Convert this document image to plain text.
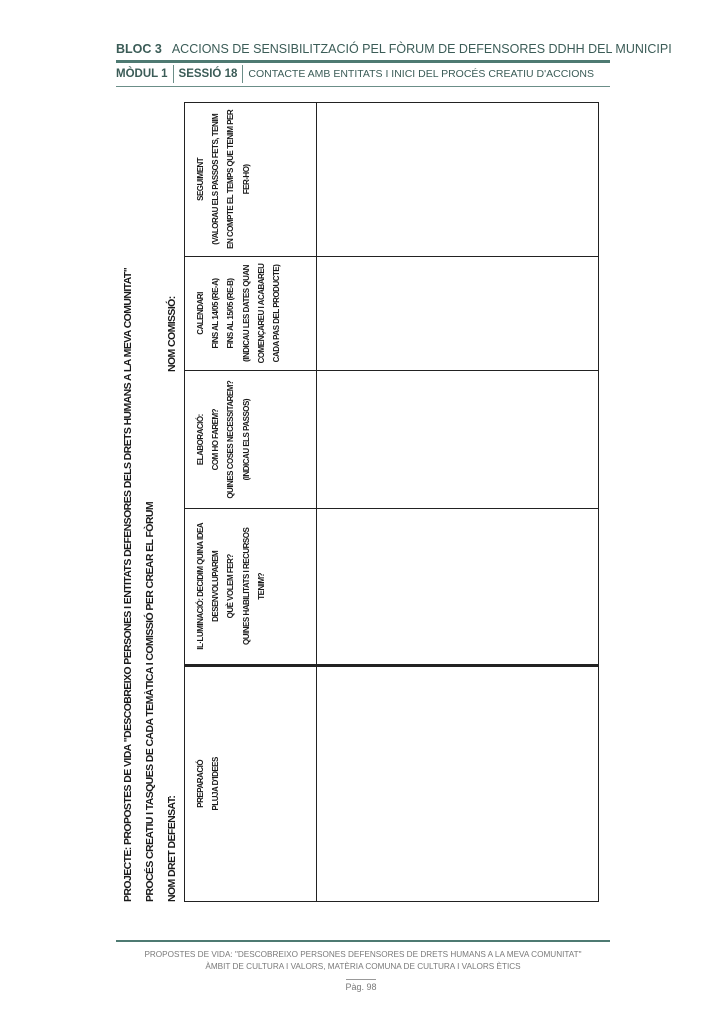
BLOC 3 ACCIONS DE SENSIBILITZACIÓ PEL FÒRUM DE DEFENSORES DDHH DEL MUNICIPI
MÒDUL 1 SESSIÓ 18 CONTACTE AMB ENTITATS I INICI DEL PROCÉS CREATIU D'ACCIONS
PROJECTE: PROPOSTES DE VIDA "DESCOBREIXO PERSONES I ENTITATS DEFENSORES DELS DRETS HUMANS A LA MEVA COMUNITAT" PROCÉS CREATIU I TASQUES DE CADA TEMÀTICA I COMISSIÓ PER CREAR EL FÒRUM NOM DRET DEFENSAT:
NOM COMISSIÓ:
PREPARACIÓ PLUJA D'IDEES
IL·LUMINACIÓ: DECIDIM QUINA IDEA DESENVOLUPAREM QUÈ VOLEM FER? QUINES HABILITATS I RECURSOS TENIM?
ELABORACIÓ: COM HO FAREM? QUINES COSES NECESSITAREM? (INDICAU ELS PASSOS)
CALENDARI FINS AL 14/05 (RE-A) FINS AL 15/05 (RE-B) (INDICAU LES DATES QUAN COMENÇAREU I ACABAREU CADA PAS DEL PRODUCTE)
SEGUIMENT (VALORAU ELS PASSOS FETS, TENIM EN COMPTE EL TEMPS QUE TENIM PER FER-HO)
PROPOSTES DE VIDA: "DESCOBREIXO PERSONES DEFENSORES DE DRETS HUMANS A LA MEVA COMUNITAT"
ÀMBIT DE CULTURA I VALORS, MATÈRIA COMUNA DE CULTURA I VALORS ÈTICS
Pàg. 98
